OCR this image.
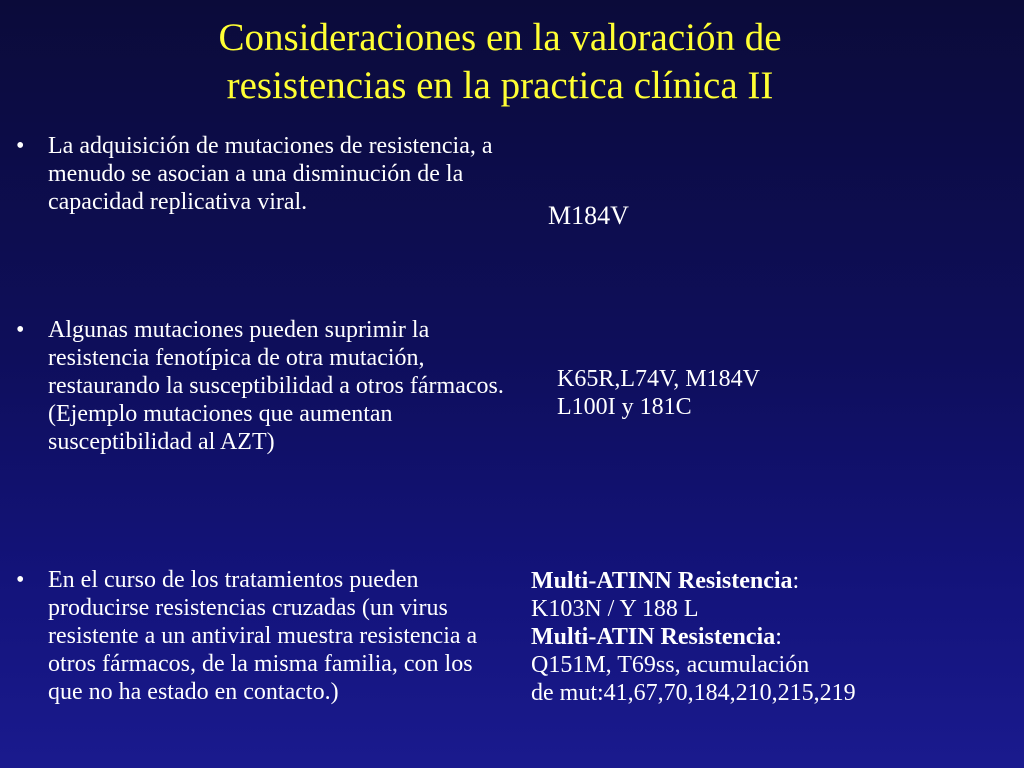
Consideraciones en la valoración de
resistencias en la practica clínica II
• La adquisición de mutaciones de resistencia, a menudo se asocian a una disminución de la capacidad replicativa viral.
• Algunas mutaciones pueden suprimir la resistencia fenotípica de otra mutación, restaurando la susceptibilidad a otros fármacos. (Ejemplo mutaciones que aumentan susceptibilidad al AZT)
• En el curso de los tratamientos pueden producirse resistencias cruzadas (un virus resistente a un antiviral muestra resistencia a otros fármacos, de la misma familia, con los que no ha estado en contacto.)
M184V
K65R,L74V, M184V
L100I y 181C
Multi-ATINN Resistencia:
K103N / Y 188 L
Multi-ATIN Resistencia:
Q151M, T69ss, acumulación
de mut:41,67,70,184,210,215,219
